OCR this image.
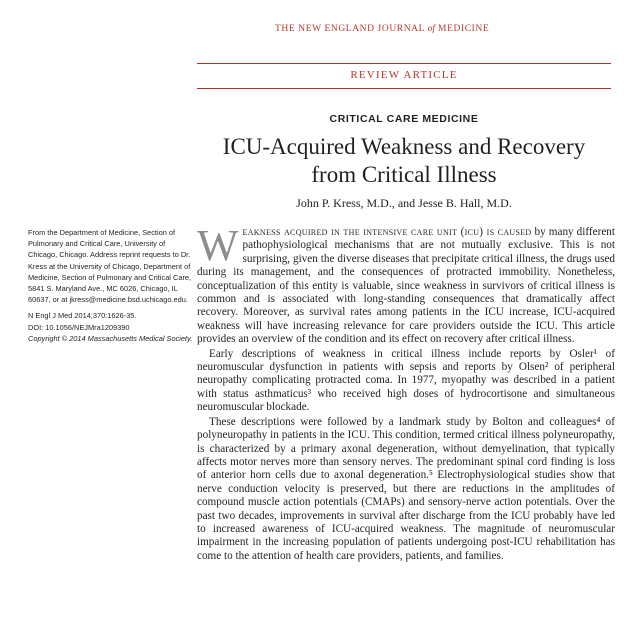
THE NEW ENGLAND JOURNAL of MEDICINE
REVIEW ARTICLE
CRITICAL CARE MEDICINE
ICU-Acquired Weakness and Recovery
from Critical Illness
John P. Kress, M.D., and Jesse B. Hall, M.D.

From the Department of Medicine, Section of Pulmonary and Critical Care, University of Chicago, Chicago. Address reprint requests to Dr. Kress at the University of Chicago, Department of Medicine, Section of Pulmonary and Critical Care, 5841 S. Maryland Ave., MC 6026, Chicago, IL 60637, or at jkress@medicine.bsd.uchicago.edu.

N Engl J Med 2014;370:1626-35.

DOI: 10.1056/NEJMra1209390

Copyright © 2014 Massachusetts Medical Society.

Weakness acquired in the intensive care unit (icu) is caused by many different pathophysiological mechanisms that are not mutually exclusive. This is not surprising, given the diverse diseases that precipitate critical illness, the drugs used during its management, and the consequences of protracted immobility. Nonetheless, conceptualization of this entity is valuable, since weakness in survivors of critical illness is common and is associated with long-standing consequences that dramatically affect recovery. Moreover, as survival rates among patients in the ICU increase, ICU-acquired weakness will have increasing relevance for care providers outside the ICU. This article provides an overview of the condition and its effect on recovery after critical illness.

Early descriptions of weakness in critical illness include reports by Osler¹ of neuromuscular dysfunction in patients with sepsis and reports by Olsen² of peripheral neuropathy complicating protracted coma. In 1977, myopathy was described in a patient with status asthmaticus³ who received high doses of hydrocortisone and simultaneous neuromuscular blockade.

These descriptions were followed by a landmark study by Bolton and colleagues⁴ of polyneuropathy in patients in the ICU. This condition, termed critical illness polyneuropathy, is characterized by a primary axonal degeneration, without demyelination, that typically affects motor nerves more than sensory nerves. The predominant spinal cord finding is loss of anterior horn cells due to axonal degeneration.⁵ Electrophysiological studies show that nerve conduction velocity is preserved, but there are reductions in the amplitudes of compound muscle action potentials (CMAPs) and sensory-nerve action potentials. Over the past two decades, improvements in survival after discharge from the ICU probably have led to increased awareness of ICU-acquired weakness. The magnitude of neuromuscular impairment in the increasing population of patients undergoing post-ICU rehabilitation has come to the attention of health care providers, patients, and families.
